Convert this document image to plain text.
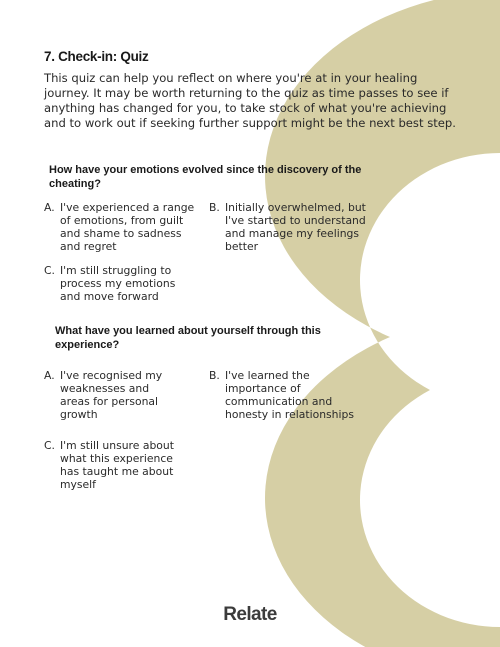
7. Check-in: Quiz
This quiz can help you reflect on where you're at in your healing journey. It may be worth returning to the quiz as time passes to see if anything has changed for you, to take stock of what you're achieving and to work out if seeking further support might be the next best step.
How have your emotions evolved since the discovery of the cheating?
A. I've experienced a range of emotions, from guilt and shame to sadness and regret
B. Initially overwhelmed, but I've started to understand and manage my feelings better
C. I'm still struggling to process my emotions and move forward
What have you learned about yourself through this experience?
A. I've recognised my weaknesses and areas for personal growth
B. I've learned the importance of communication and honesty in relationships
C. I'm still unsure about what this experience has taught me about myself
Relate
